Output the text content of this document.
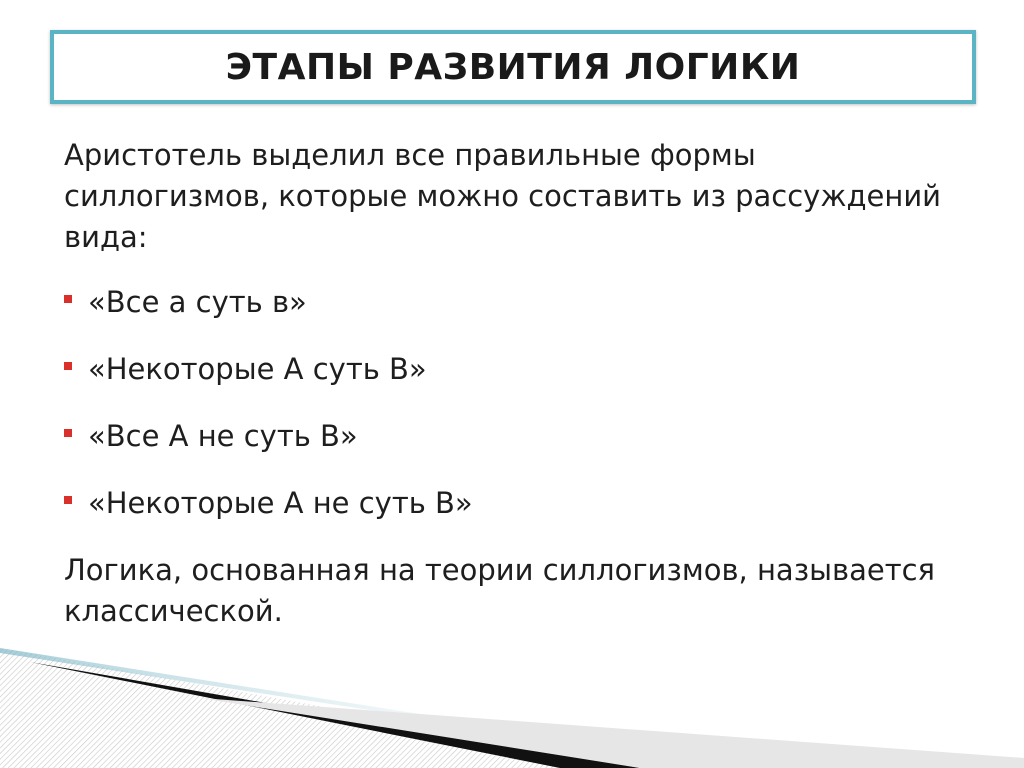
ЭТАПЫ РАЗВИТИЯ ЛОГИКИ
Аристотель выделил все правильные формы силлогизмов, которые можно составить из рассуждений вида:
«Все а суть в»
«Некоторые А суть В»
«Все А не суть В»
«Некоторые А не суть В»
Логика, основанная на теории силлогизмов, называется классической.
